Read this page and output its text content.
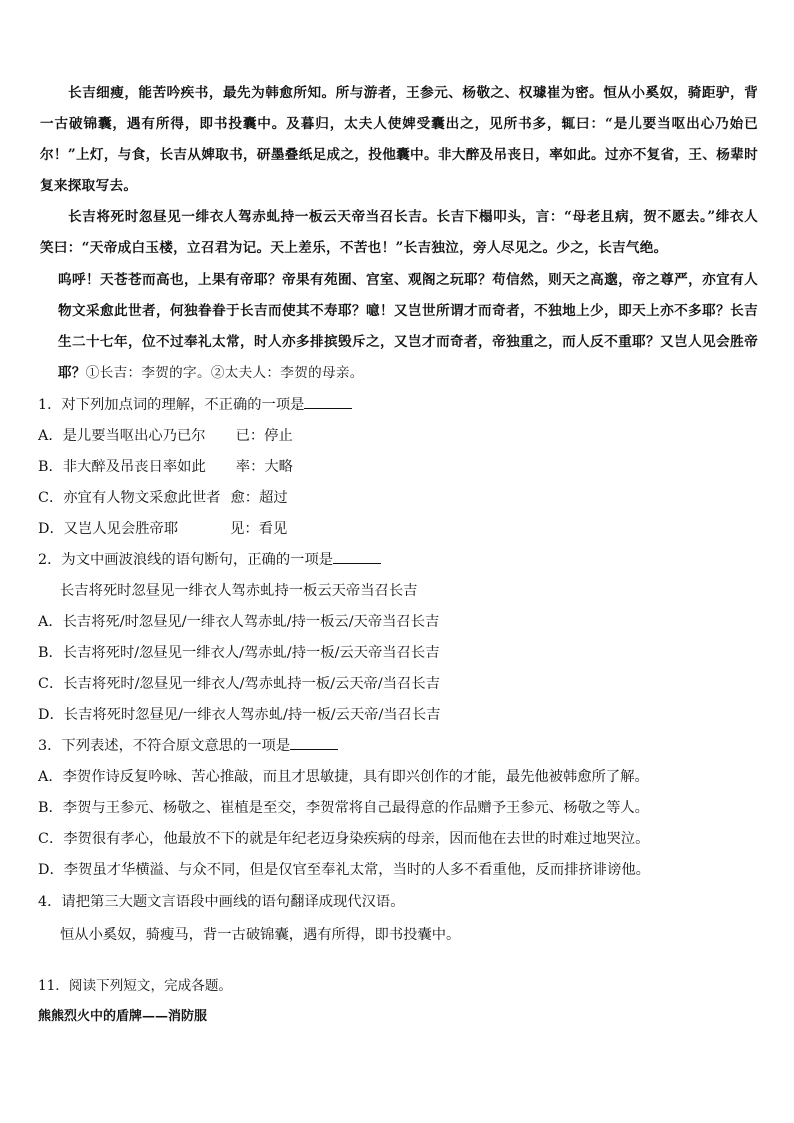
长吉细瘦，能苦吟疾书，最先为韩愈所知。所与游者，王参元、杨敬之、权璩崔为密。恒从小奚奴，骑距驴，背一古破锦囊，遇有所得，即书投囊中。及暮归，太夫人使婢受囊出之，见所书多，辄曰：“是儿要当呕出心乃始已尔！”上灯，与食，长吉从婢取书，研墨叠纸足成之，投他囊中。非大醉及吊丧日，率如此。过亦不复省，王、杨辈时复来探取写去。

长吉将死时忽昼见一绯衣人驾赤虬持一板云天帝当召长吉。长吉下榻叩头，言：“母老且病，贺不愿去。”绯衣人笑曰：“天帝成白玉楼，立召君为记。天上差乐，不苦也！”长吉独泣，旁人尽见之。少之，长吉气绝。

呜呼！天苍苍而高也，上果有帝耶？帝果有苑囿、宫室、观阁之玩耶？苟信然，则天之高邈，帝之尊严，亦宜有人物文采愈此世者，何独眷眷于长吉而使其不寿耶？噫！又岂世所谓才而奇者，不独地上少，即天上亦不多耶？长吉生二十七年，位不过奉礼太常，时人亦多排摈毁斥之，又岂才而奇者，帝独重之，而人反不重耶？又岂人见会胜帝耶？①长吉：李贺的字。②太夫人：李贺的母亲。

1．对下列加点词的理解，不正确的一项是

A．是儿要当呕出心乃已尔 已：停止

B．非大醉及吊丧日率如此 率：大略

C．亦宜有人物文采愈此世者 愈：超过

D．又岂人见会胜帝耶	见：看见

2．为文中画波浪线的语句断句，正确的一项是

长吉将死时忽昼见一绯衣人驾赤虬持一板云天帝当召长吉

A．长吉将死/时忽昼见/一绯衣人驾赤虬/持一板云/天帝当召长吉

B．长吉将死时/忽昼见一绯衣人/驾赤虬/持一板/云天帝当召长吉

C．长吉将死时/忽昼见一绯衣人/驾赤虬持一板/云天帝/当召长吉

D．长吉将死时忽昼见/一绯衣人驾赤虬/持一板/云天帝/当召长吉

3．下列表述，不符合原文意思的一项是

A．李贺作诗反复吟咏、苦心推敲，而且才思敏捷，具有即兴创作的才能，最先他被韩愈所了解。

B．李贺与王参元、杨敬之、崔植是至交，李贺常将自己最得意的作品赠予王参元、杨敬之等人。

C．李贺很有孝心，他最放不下的就是年纪老迈身染疾病的母亲，因而他在去世的时难过地哭泣。

D．李贺虽才华横溢、与众不同，但是仅官至奉礼太常，当时的人多不看重他，反而排挤诽谤他。

4．请把第三大题文言语段中画线的语句翻译成现代汉语。

恒从小奚奴，骑瘦马，背一古破锦囊，遇有所得，即书投囊中。

11．阅读下列短文，完成各题。

熊熊烈火中的盾牌——消防服
